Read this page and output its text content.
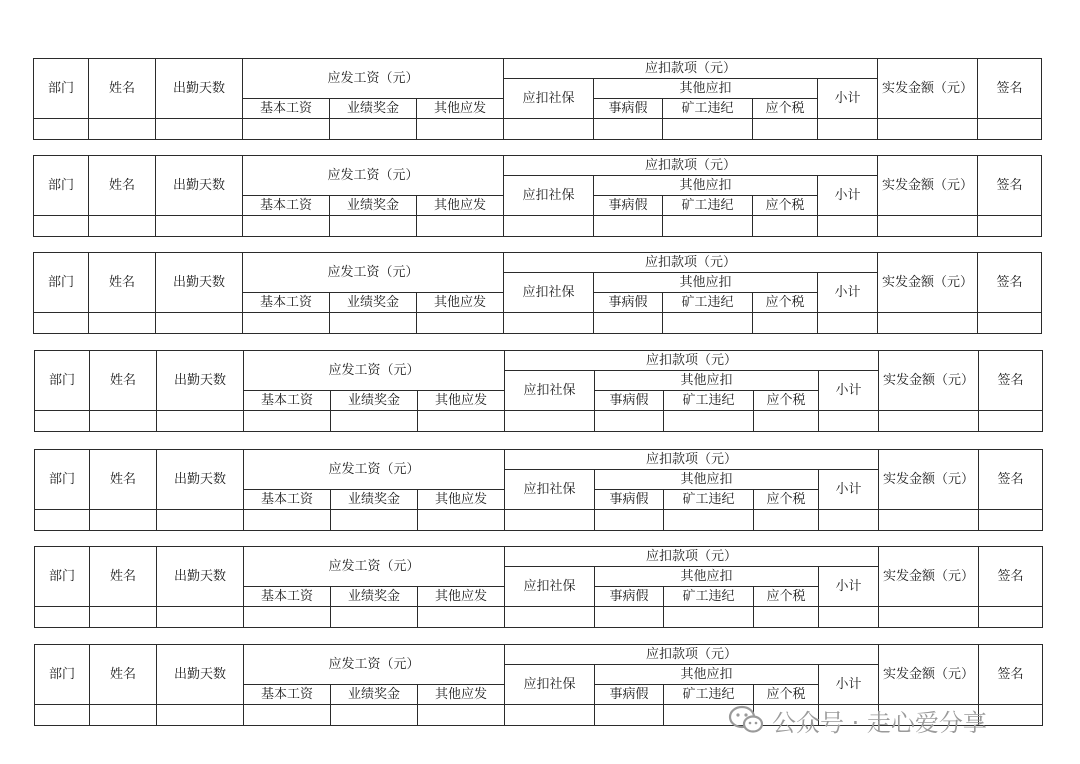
部门	姓名	出勤天数	应发工资（元）			应扣款项（元）					实发金额（元）	签名
						应扣社保	其他应扣			小计		
			基本工资	业绩奖金	其他应发		事病假	矿工违纪	应个税			

部门	姓名	出勤天数	应发工资（元）			应扣款项（元）					实发金额（元）	签名
						应扣社保	其他应扣			小计		
			基本工资	业绩奖金	其他应发		事病假	矿工违纪	应个税			

部门	姓名	出勤天数	应发工资（元）			应扣款项（元）					实发金额（元）	签名
						应扣社保	其他应扣			小计		
			基本工资	业绩奖金	其他应发		事病假	矿工违纪	应个税			

部门	姓名	出勤天数	应发工资（元）			应扣款项（元）					实发金额（元）	签名
						应扣社保	其他应扣			小计		
			基本工资	业绩奖金	其他应发		事病假	矿工违纪	应个税			

部门	姓名	出勤天数	应发工资（元）			应扣款项（元）					实发金额（元）	签名
						应扣社保	其他应扣			小计		
			基本工资	业绩奖金	其他应发		事病假	矿工违纪	应个税			

部门	姓名	出勤天数	应发工资（元）			应扣款项（元）					实发金额（元）	签名
						应扣社保	其他应扣			小计		
			基本工资	业绩奖金	其他应发		事病假	矿工违纪	应个税			

部门	姓名	出勤天数	应发工资（元）			应扣款项（元）					实发金额（元）	签名
						应扣社保	其他应扣			小计		
			基本工资	业绩奖金	其他应发		事病假	矿工违纪	应个税			

公众号 · 走心爱分享
